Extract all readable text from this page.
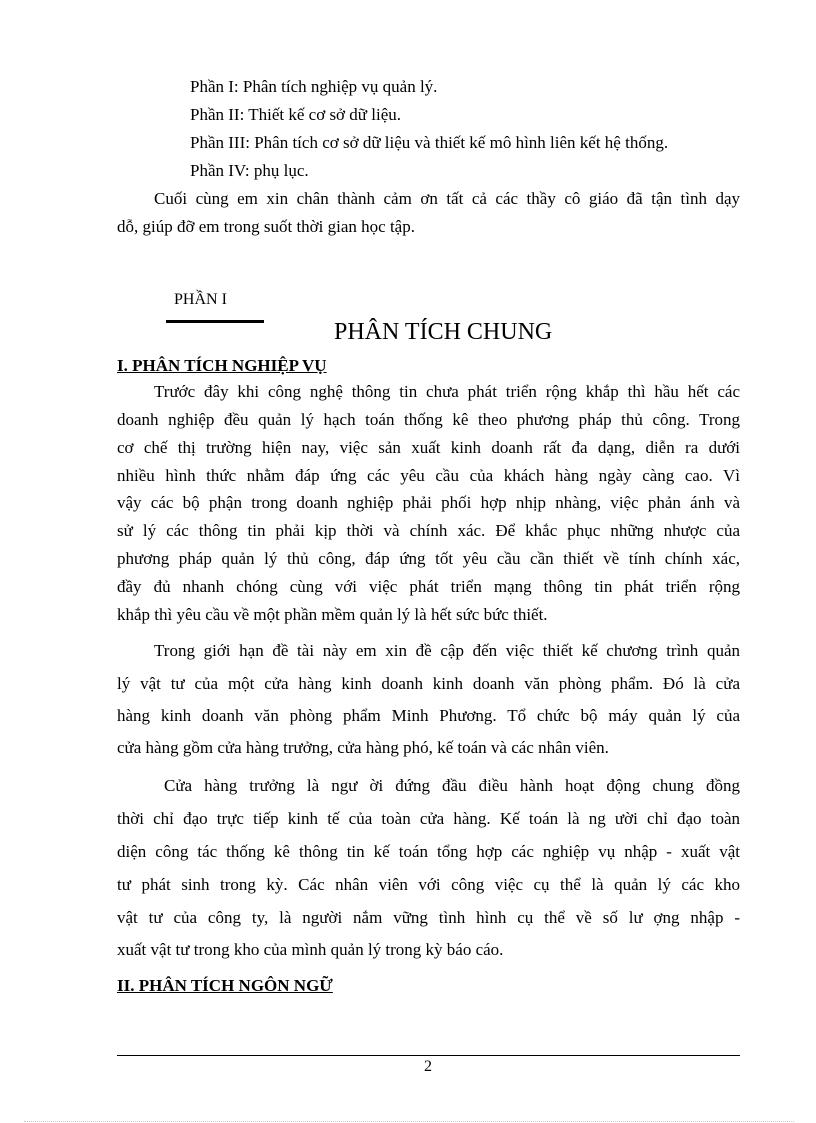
Phần I: Phân tích nghiệp vụ quản lý.

Phần II: Thiết kế cơ sở dữ liệu.

Phần III: Phân tích cơ sở dữ liệu và thiết kế mô hình liên kết hệ thống.

Phần IV: phụ lục.

Cuối cùng em xin chân thành cảm ơn tất cả các thầy cô giáo đã tận tình dạy

dỗ, giúp đỡ em trong suốt thời gian học tập.

PHẦN I

PHÂN TÍCH CHUNG

I. PHÂN TÍCH NGHIỆP VỤ

Trước đây khi công nghệ thông tin chưa phát triển rộng khắp thì hầu hết các

doanh nghiệp đều quản lý hạch toán thống kê theo phương pháp thủ công. Trong

cơ chế thị trường hiện nay, việc sản xuất kinh doanh rất đa dạng, diễn ra dưới

nhiều hình thức nhằm đáp ứng các yêu cầu của khách hàng ngày càng cao. Vì

vậy các bộ phận trong doanh nghiệp phải phối hợp nhịp nhàng, việc phản ánh và

sử lý các thông tin phải kịp thời và chính xác. Để khắc phục những nhược của

phương pháp quản lý thủ công, đáp ứng tốt yêu cầu cần thiết về tính chính xác,

đầy đủ nhanh chóng cùng với việc phát triển mạng thông tin phát triển rộng

khắp thì yêu cầu về một phần mềm quản lý là hết sức bức thiết.

Trong giới hạn đề tài này em xin đề cập đến việc thiết kế chương trình quản

lý vật tư của một cửa hàng kinh doanh kinh doanh văn phòng phẩm. Đó là cửa

hàng kinh doanh văn phòng phẩm Minh Phương. Tổ chức bộ máy quản lý của

cửa hàng gồm cửa hàng trưởng, cửa hàng phó, kế toán và các nhân viên.

Cửa hàng trưởng là ngư ời đứng đầu điều hành hoạt động chung đồng

thời chỉ đạo trực tiếp kinh tế của toàn cửa hàng. Kế toán là ng ười chỉ đạo toàn

diện công tác thống kê thông tin kế toán tổng hợp các nghiệp vụ nhập - xuất vật

tư phát sinh trong kỳ. Các nhân viên với công việc cụ thể là quản lý các kho

vật tư của công ty, là người nắm vững tình hình cụ thể về số lư ợng nhập -

xuất vật tư trong kho của mình quản lý trong kỳ báo cáo.

II. PHÂN TÍCH NGÔN NGỮ

2
